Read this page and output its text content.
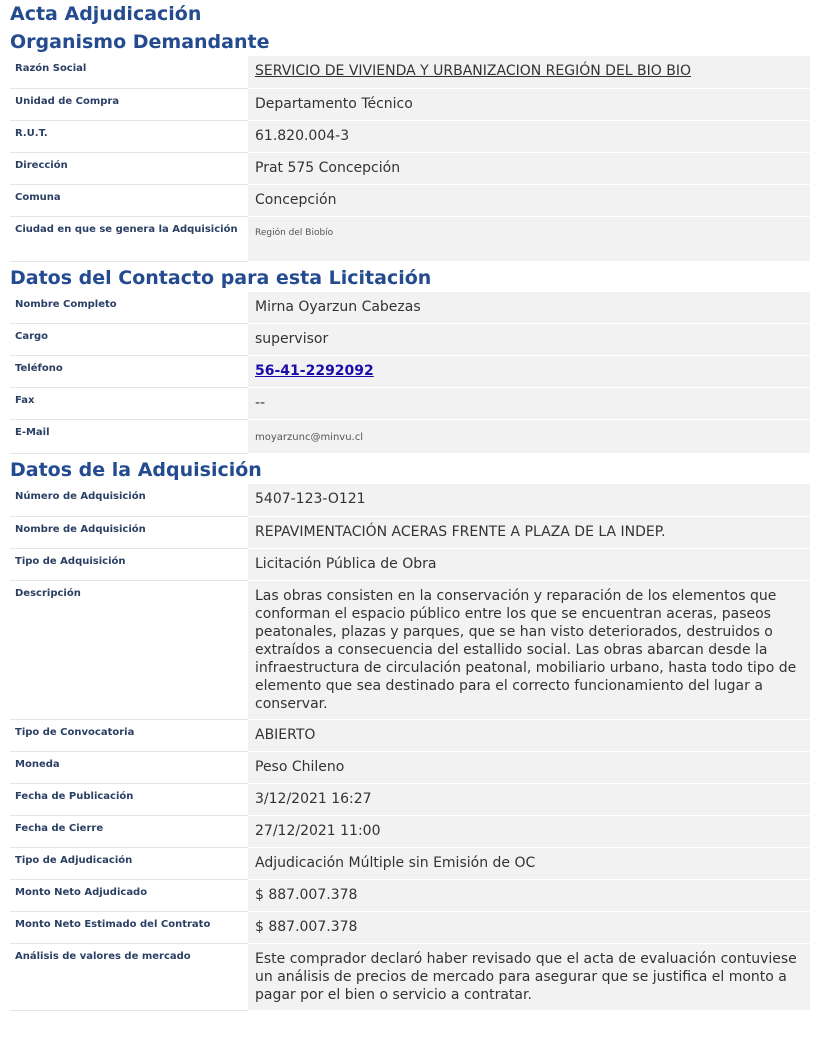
Acta Adjudicación
Organismo Demandante
Razón Social	SERVICIO DE VIVIENDA Y URBANIZACION REGIÓN DEL BIO BIO
Unidad de Compra	Departamento Técnico
R.U.T.	61.820.004-3
Dirección	Prat 575 Concepción
Comuna	Concepción
Ciudad en que se genera la Adquisición	Región del Biobío
Datos del Contacto para esta Licitación
Nombre Completo	Mirna Oyarzun Cabezas
Cargo	supervisor
Teléfono	56-41-2292092
Fax	--
E-Mail	moyarzunc@minvu.cl
Datos de la Adquisición
Número de Adquisición	5407-123-O121
Nombre de Adquisición	REPAVIMENTACIÓN ACERAS FRENTE A PLAZA DE LA INDEP.
Tipo de Adquisición	Licitación Pública de Obra
Descripción	Las obras consisten en la conservación y reparación de los elementos que conforman el espacio público entre los que se encuentran aceras, paseos peatonales, plazas y parques, que se han visto deteriorados, destruidos o extraídos a consecuencia del estallido social. Las obras abarcan desde la infraestructura de circulación peatonal, mobiliario urbano, hasta todo tipo de elemento que sea destinado para el correcto funcionamiento del lugar a conservar.
Tipo de Convocatoria	ABIERTO
Moneda	Peso Chileno
Fecha de Publicación	3/12/2021 16:27
Fecha de Cierre	27/12/2021 11:00
Tipo de Adjudicación	Adjudicación Múltiple sin Emisión de OC
Monto Neto Adjudicado	$ 887.007.378
Monto Neto Estimado del Contrato	$ 887.007.378
Análisis de valores de mercado	Este comprador declaró haber revisado que el acta de evaluación contuviese un análisis de precios de mercado para asegurar que se justifica el monto a pagar por el bien o servicio a contratar.
